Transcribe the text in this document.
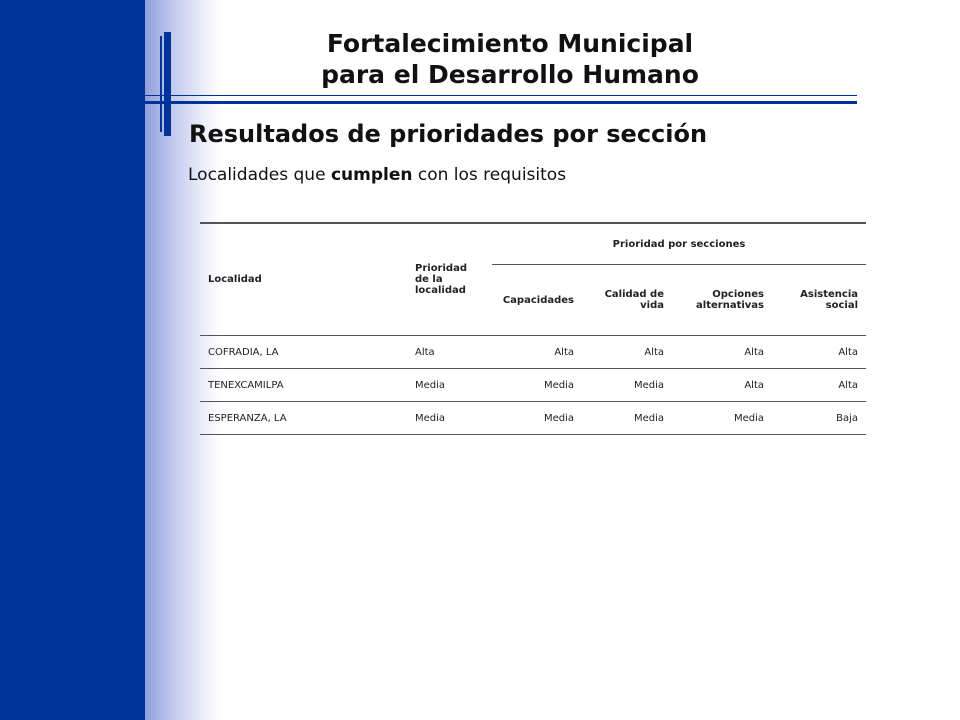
Fortalecimiento Municipal
para el Desarrollo Humano
Resultados de prioridades por sección
Localidades que cumplen con los requisitos
Localidad	Prioridad de la localidad	Prioridad por secciones			
		Capacidades	Calidad de vida	Opciones alternativas	Asistencia social
COFRADIA, LA	Alta	Alta	Alta	Alta	Alta
TENEXCAMILPA	Media	Media	Media	Alta	Alta
ESPERANZA, LA	Media	Media	Media	Media	Baja
